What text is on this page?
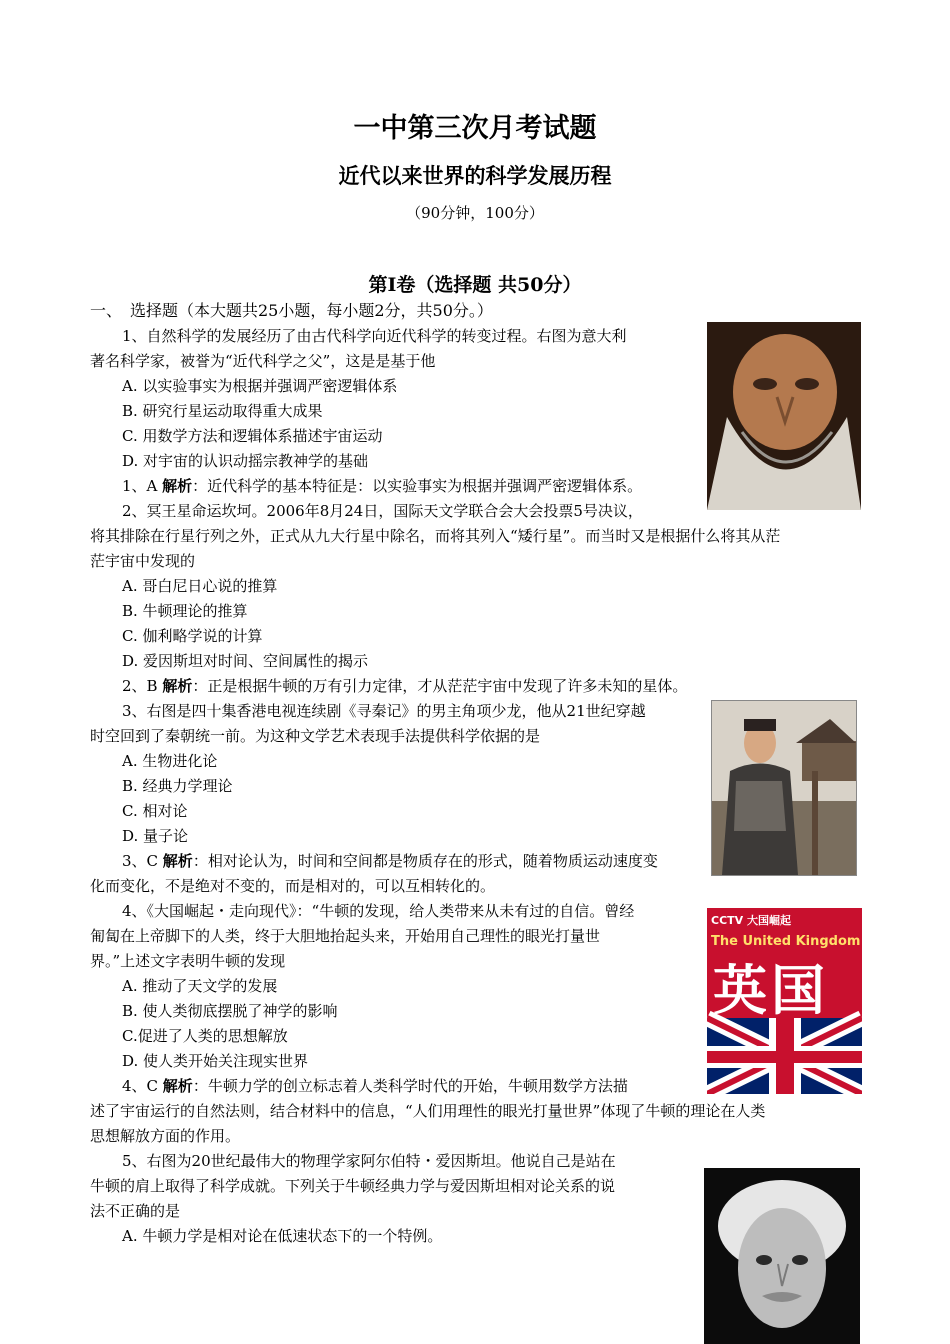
一中第三次月考试题
近代以来世界的科学发展历程
（90分钟，100分）
第Ⅰ卷（选择题 共50分）
一、　选择题（本大题共25小题，每小题2分，共50分。）
1、自然科学的发展经历了由古代科学向近代科学的转变过程。右图为意大利
著名科学家，被誉为“近代科学之父”，这是是基于他
A. 以实验事实为根据并强调严密逻辑体系
B. 研究行星运动取得重大成果
C. 用数学方法和逻辑体系描述宇宙运动
D. 对宇宙的认识动摇宗教神学的基础
1、A 解析：近代科学的基本特征是：以实验事实为根据并强调严密逻辑体系。
2、冥王星命运坎坷。2006年8月24日，国际天文学联合会大会投票5号决议，
将其排除在行星行列之外，正式从九大行星中除名，而将其列入“矮行星”。而当时又是根据什么将其从茫
茫宇宙中发现的
A. 哥白尼日心说的推算
B. 牛顿理论的推算
C. 伽利略学说的计算
D. 爱因斯坦对时间、空间属性的揭示
2、B 解析：正是根据牛顿的万有引力定律，才从茫茫宇宙中发现了许多未知的星体。
3、右图是四十集香港电视连续剧《寻秦记》的男主角项少龙，他从21世纪穿越
时空回到了秦朝统一前。为这种文学艺术表现手法提供科学依据的是
A. 生物进化论
B. 经典力学理论
C. 相对论
D. 量子论
3、C 解析：相对论认为，时间和空间都是物质存在的形式，随着物质运动速度变
化而变化，不是绝对不变的，而是相对的，可以互相转化的。
4、《大国崛起・走向现代》：“牛顿的发现，给人类带来从未有过的自信。曾经
匍匐在上帝脚下的人类，终于大胆地抬起头来，开始用自己理性的眼光打量世
界。”上述文字表明牛顿的发现
A. 推动了天文学的发展
B. 使人类彻底摆脱了神学的影响
C.促进了人类的思想解放
D. 使人类开始关注现实世界
4、C 解析：牛顿力学的创立标志着人类科学时代的开始，牛顿用数学方法描
述了宇宙运行的自然法则，结合材料中的信息，“人们用理性的眼光打量世界”体现了牛顿的理论在人类
思想解放方面的作用。
5、右图为20世纪最伟大的物理学家阿尔伯特・爱因斯坦。他说自己是站在
牛顿的肩上取得了科学成就。下列关于牛顿经典力学与爱因斯坦相对论关系的说
法不正确的是
A. 牛顿力学是相对论在低速状态下的一个特例。
CCTV 大国崛起
The United Kingdom
英国
